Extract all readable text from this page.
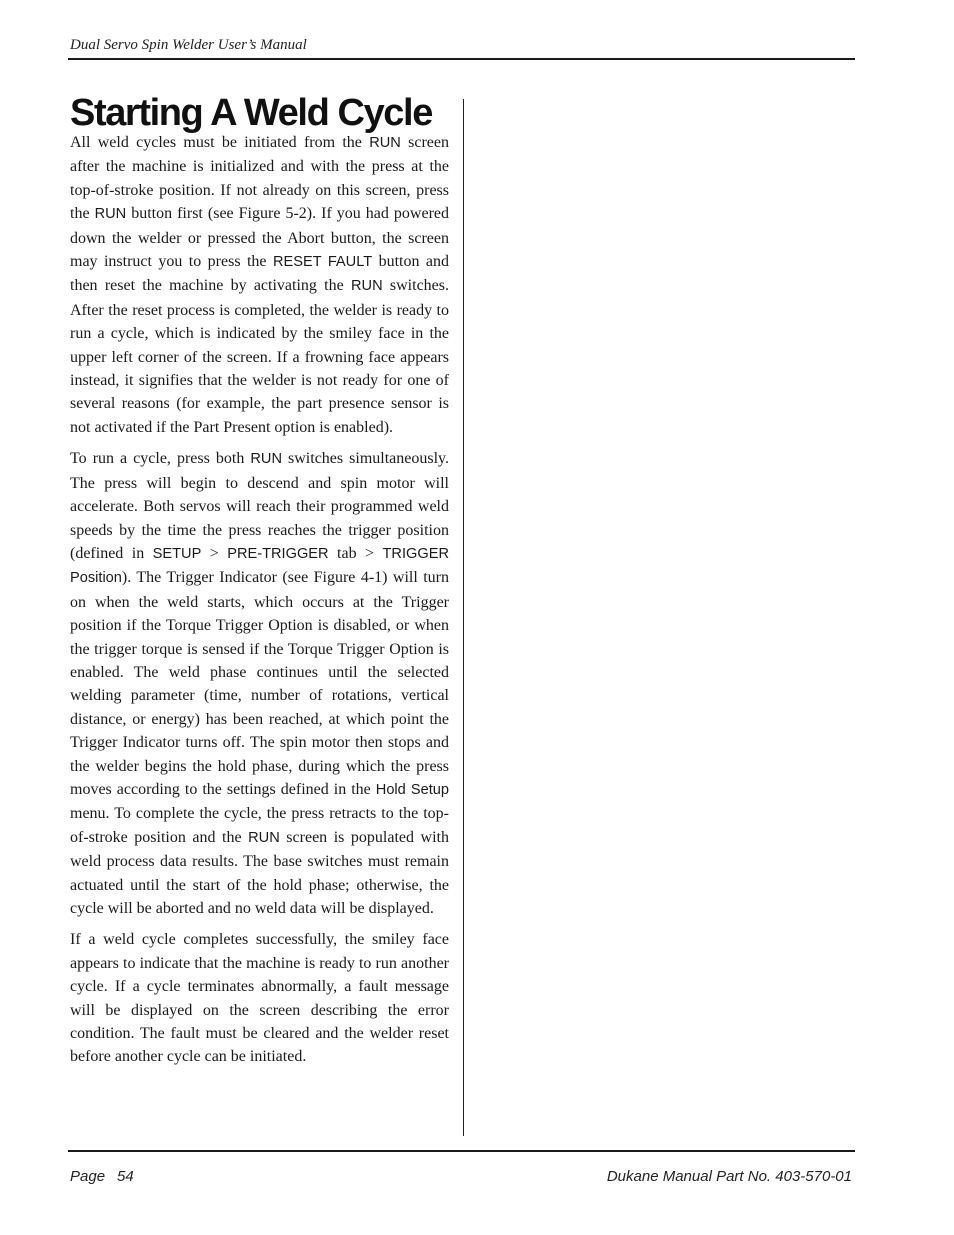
Dual Servo Spin Welder User’s Manual
Starting A Weld Cycle

All weld cycles must be initiated from the RUN screen after the machine is initialized and with the press at the top-of-stroke position. If not already on this screen, press the RUN button first (see Figure 5-2). If you had powered down the welder or pressed the Abort button, the screen may instruct you to press the RESET FAULT button and then reset the machine by activating the RUN switches. After the reset process is completed, the welder is ready to run a cycle, which is indicated by the smiley face in the upper left corner of the screen. If a frowning face appears instead, it signifies that the welder is not ready for one of several reasons (for example, the part presence sensor is not activated if the Part Present option is enabled).

To run a cycle, press both RUN switches simultaneously. The press will begin to descend and spin motor will accelerate. Both servos will reach their programmed weld speeds by the time the press reaches the trigger position (defined in SETUP > PRE-TRIGGER tab > TRIGGER Position). The Trigger Indicator (see Figure 4-1) will turn on when the weld starts, which occurs at the Trigger position if the Torque Trigger Option is disabled, or when the trigger torque is sensed if the Torque Trigger Option is enabled. The weld phase continues until the selected welding parameter (time, number of rotations, vertical distance, or energy) has been reached, at which point the Trigger Indicator turns off. The spin motor then stops and the welder begins the hold phase, during which the press moves according to the settings defined in the Hold Setup menu. To complete the cycle, the press retracts to the top-of-stroke position and the RUN screen is populated with weld process data results. The base switches must remain actuated until the start of the hold phase; otherwise, the cycle will be aborted and no weld data will be displayed.

If a weld cycle completes successfully, the smiley face appears to indicate that the machine is ready to run another cycle. If a cycle terminates abnormally, a fault message will be displayed on the screen describing the error condition. The fault must be cleared and the welder reset before another cycle can be initiated.

Page 54	Dukane Manual Part No. 403-570-01
